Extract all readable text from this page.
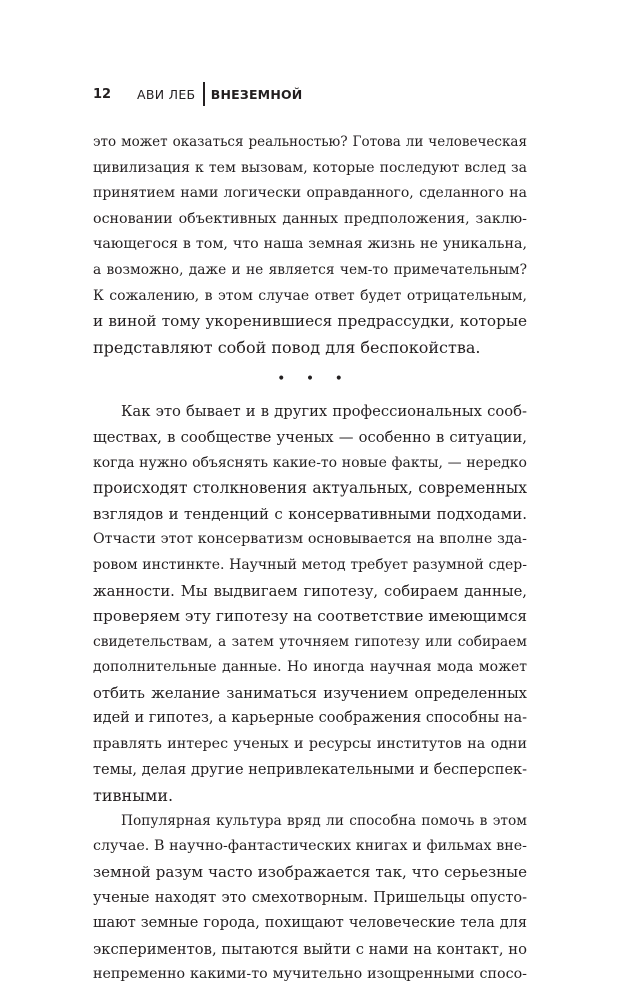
12	АВИ ЛЕБ	ВНЕЗЕМНОЙ
это может оказаться реальностью? Готова ли человеческая
цивилизация к тем вызовам, которые последуют вслед за
принятием нами логически оправданного, сделанного на
основании объективных данных предположения, заклю-
чающегося в том, что наша земная жизнь не уникальна,
а возможно, даже и не является чем-то примечательным?
К сожалению, в этом случае ответ будет отрицательным,
и виной тому укоренившиеся предрассудки, которые
представляют собой повод для беспокойства.
• • •
Как это бывает и в других профессиональных сооб-
ществах, в сообществе ученых — особенно в ситуации,
когда нужно объяснять какие-то новые факты, — нередко
происходят столкновения актуальных, современных
взглядов и тенденций с консервативными подходами.
Отчасти этот консерватизм основывается на вполне зда-
ровом инстинкте. Научный метод требует разумной сдер-
жанности. Мы выдвигаем гипотезу, собираем данные,
проверяем эту гипотезу на соответствие имеющимся
свидетельствам, а затем уточняем гипотезу или собираем
дополнительные данные. Но иногда научная мода может
отбить желание заниматься изучением определенных
идей и гипотез, а карьерные соображения способны на-
правлять интерес ученых и ресурсы институтов на одни
темы, делая другие непривлекательными и бесперспек-
тивными.
Популярная культура вряд ли способна помочь в этом
случае. В научно-фантастических книгах и фильмах вне-
земной разум часто изображается так, что серьезные
ученые находят это смехотворным. Пришельцы опусто-
шают земные города, похищают человеческие тела для
экспериментов, пытаются выйти с нами на контакт, но
непременно какими-то мучительно изощренными спосо-
